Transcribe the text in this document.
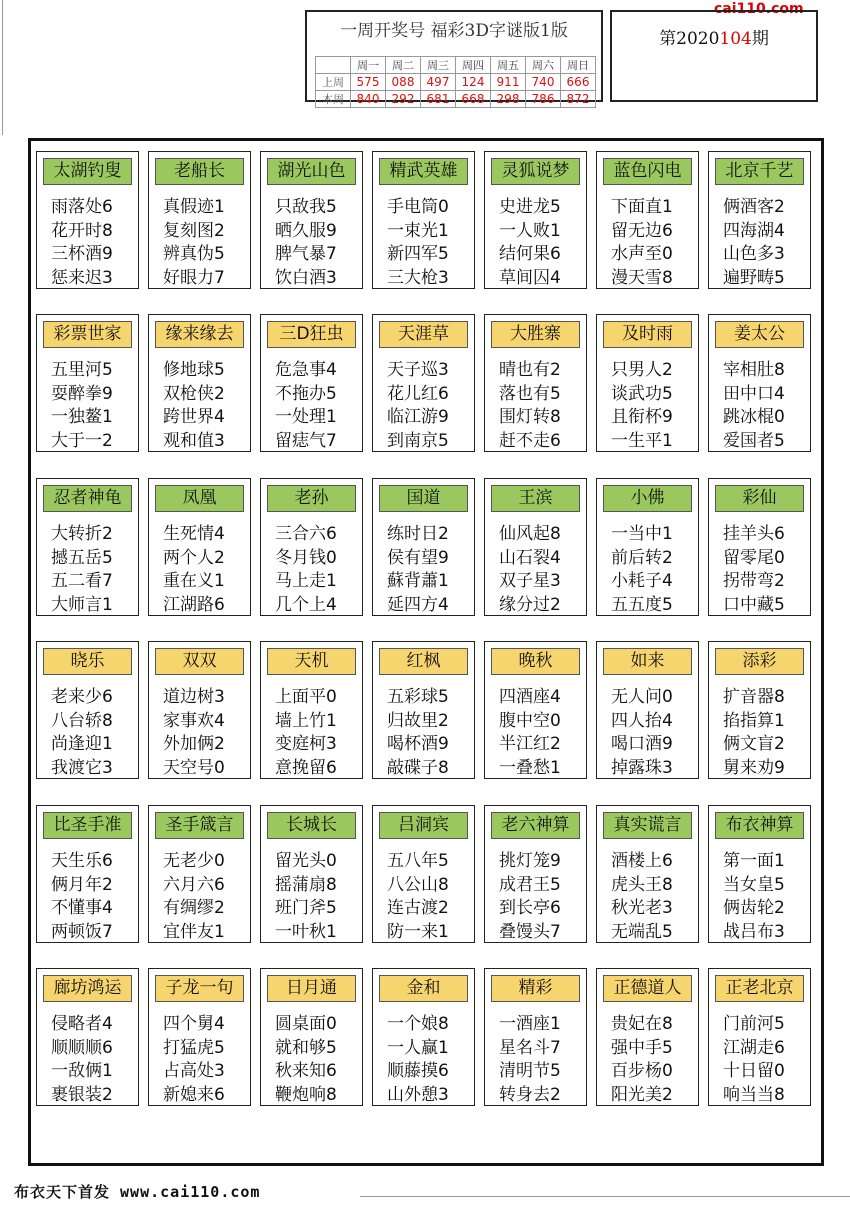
一周开奖号 福彩3D字谜版1版
	周一	周二	周三	周四	周五	周六	周日
上周	575	088	497	124	911	740	666
本周	840	292	681	668	298	786	872
cai110.com
第2020104期
太湖钓叟
雨落处6
花开时8
三杯酒9
惩来迟3
老船长
真假迹1
复刻图2
辨真伪5
好眼力7
湖光山色
只敌我5
晒久服9
脾气暴7
饮白酒3
精武英雄
手电筒0
一束光1
新四军5
三大枪3
灵狐说梦
史进龙5
一人败1
结何果6
草间囚4
蓝色闪电
下面直1
留无边6
水声至0
漫天雪8
北京千艺
俩酒客2
四海湖4
山色多3
遍野畴5
彩票世家
五里河5
耍醉拳9
一独鳌1
大于一2
缘来缘去
修地球5
双枪侠2
跨世界4
观和值3
三D狂虫
危急事4
不拖办5
一处理1
留痣气7
天涯草
天子巡3
花儿红6
临江游9
到南京5
大胜寨
晴也有2
落也有5
围灯转8
赶不走6
及时雨
只男人2
谈武功5
且衔杯9
一生平1
姜太公
宰相肚8
田中口4
跳冰棍0
爱国者5
忍者神龟
大转折2
撼五岳5
五二看7
大师言1
凤凰
生死情4
两个人2
重在义1
江湖路6
老孙
三合六6
冬月钱0
马上走1
几个上4
国道
练时日2
侯有望9
蘇背蕭1
延四方4
王滨
仙风起8
山石裂4
双子星3
缘分过2
小佛
一当中1
前后转2
小耗子4
五五度5
彩仙
挂羊头6
留零尾0
拐带弯2
口中藏5
晓乐
老来少6
八台轿8
尚逢迎1
我渡它3
双双
道边树3
家事欢4
外加俩2
天空号0
天机
上面平0
墙上竹1
变庭柯3
意挽留6
红枫
五彩球5
归故里2
喝杯酒9
敲碟子8
晚秋
四酒座4
腹中空0
半江红2
一叠愁1
如来
无人问0
四人抬4
喝口酒9
掉露珠3
添彩
扩音器8
掐指算1
俩文盲2
舅来劝9
比圣手准
天生乐6
俩月年2
不懂事4
两顿饭7
圣手箴言
无老少0
六月六6
有绸缪2
宜伴友1
长城长
留光头0
摇蒲扇8
班门斧5
一叶秋1
吕洞宾
五八年5
八公山8
连古渡2
防一来1
老六神算
挑灯笼9
成君王5
到长亭6
叠馒头7
真实谎言
酒楼上6
虎头王8
秋光老3
无端乱5
布衣神算
第一面1
当女皇5
俩齿轮2
战吕布3
廊坊鸿运
侵略者4
顺顺顺6
一敌俩1
裹银装2
子龙一句
四个舅4
打猛虎5
占高处3
新媳来6
日月通
圆桌面0
就和够5
秋来知6
鞭炮响8
金和
一个娘8
一人赢1
顺藤摸6
山外憩3
精彩
一酒座1
星名斗7
清明节5
转身去2
正德道人
贵妃在8
强中手5
百步杨0
阳光美2
正老北京
门前河5
江湖走6
十日留0
响当当8
布衣天下首发 www.cai110.com
